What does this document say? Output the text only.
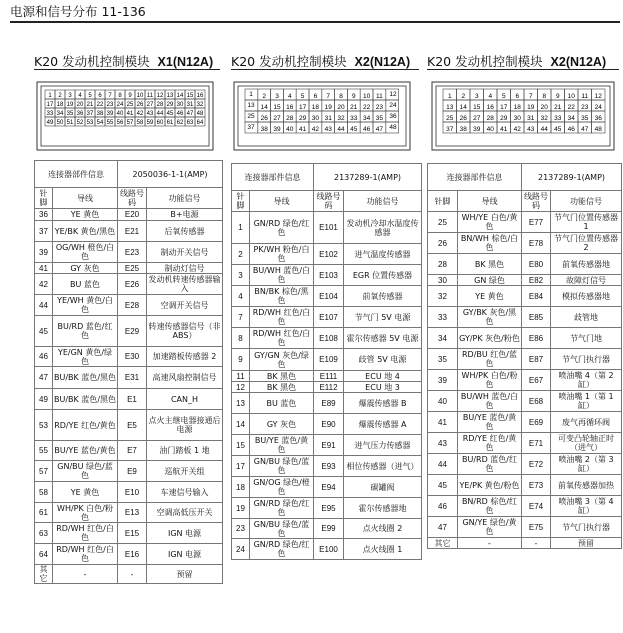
电源和信号分布 11-136
K20 发动机控制模块 X1(N12A)
2 3 4 5 6 7 8 9 10 11 12 13 14 15
18 19 20 21 22 23 24 25 26 27 28 29 30 31
34 35 36 37 38 39 40 41 42 43 44 45 46 47
50 51 52 53 54 55 56 57 58 59 60 61 62 63
1	16
17	32
33	48
49	64
连接器部件信息		2050036-1-1(AMP)	
针脚	导线	线路号码	功能信号
36	YE 黄色	E20	B+电源
37	YE/BK 黄色/黑色	E21	后氧传感器
39	OG/WH 橙色/白色	E23	制动开关信号
41	GY 灰色	E25	制动灯信号
42	BU 蓝色	E26	发动机转速传感器输入
44	YE/WH 黄色/白色	E28	空调开关信号
45	BU/RD 蓝色/红色	E29	转速传感器信号（非ABS）
46	YE/GN 黄色/绿色	E30	加速踏板传感器 2
47	BU/BK 蓝色/黑色	E31	高速风扇控制信号
49	BU/BK 蓝色/黑色	E1	CAN_H
53	RD/YE 红色/黄色	E5	点火主继电器接通后电源
55	BU/YE 蓝色/黄色	E7	油门踏板 1 地
57	GN/BU 绿色/蓝色	E9	巡航开关组
58	YE 黄色	E10	车速信号输入
61	WH/PK 白色/粉色	E13	空调高低压开关
63	RD/WH 红色/白色	E15	IGN 电源
64	RD/WH 红色/白色	E16	IGN 电源
其它	-	-	预留
K20 发动机控制模块 X2(N12A)
2 3 4 5 6 7 8 9 10 11
14 15 16 17 18 19 20 21 22 23
26 27 28 29 30 31 32 33 34 35
38 39 40 41 42 43 44 45 46 47
1	12
13	24
25	36
37	48
连接器部件信息		2137289-1(AMP)	
针脚	导线	线路号码	功能信号
1	GN/RD 绿色/红色	E101	发动机冷却水温度传感器
2	PK/WH 粉色/白色	E102	进气温度传感器
3	BU/WH 蓝色/白色	E103	EGR 位置传感器
4	BN/BK 棕色/黑色	E104	前氧传感器
7	RD/WH 红色/白色	E107	节气门 5V 电源
8	RD/WH 红色/白色	E108	霍尔传感器 5V 电源
9	GY/GN 灰色/绿色	E109	歧管 5V 电源
11	BK 黑色	E111	ECU 地 4
12	BK 黑色	E112	ECU 地 3
13	BU 蓝色	E89	爆震传感器 B
14	GY 灰色	E90	爆震传感器 A
15	BU/YE 蓝色/黄色	E91	进气压力传感器
17	GN/BU 绿色/蓝色	E93	相位传感器（进气）
18	GN/OG 绿色/橙色	E94	碳罐阀
19	GN/RD 绿色/红色	E95	霍尔传感器地
23	GN/BU 绿色/蓝色	E99	点火线圈 2
24	GN/RD 绿色/红色	E100	点火线圈 1
K20 发动机控制模块 X2(N12A)
1 2 3 4 5 6 7 8 9 10 11 12
13 14 15 16 17 18 19 20 21 22 23 24
25 26 27 28 29 30 31 32 33 34 35 36
37 38 39 40 41 42 43 44 45 46 47 48
连接器部件信息		2137289-1(AMP)	
针脚	导线	线路号码	功能信号
25	WH/YE 白色/黄色	E77	节气门位置传感器 1
26	BN/WH 棕色/白色	E78	节气门位置传感器 2
28	BK 黑色	E80	前氧传感器地
30	GN 绿色	E82	故障灯信号
32	YE 黄色	E84	模拟传感器地
33	GY/BK 灰色/黑色	E85	歧管地
34	GY/PK 灰色/粉色	E86	节气门地
35	RD/BU 红色/蓝色	E87	节气门执行器
39	WH/PK 白色/粉色	E67	喷油嘴 4（第 2 缸）
40	BU/WH 蓝色/白色	E68	喷油嘴 1（第 1 缸）
41	BU/YE 蓝色/黄色	E69	废气再循环阀
43	RD/YE 红色/黄色	E71	可变凸轮轴正时（进气）
44	BU/RD 蓝色/红色	E72	喷油嘴 2（第 3 缸）
45	YE/PK 黄色/粉色	E73	前氧传感器加热
46	BN/RD 棕色/红色	E74	喷油嘴 3（第 4 缸）
47	GN/YE 绿色/黄色	E75	节气门执行器
其它	-	-	预留
